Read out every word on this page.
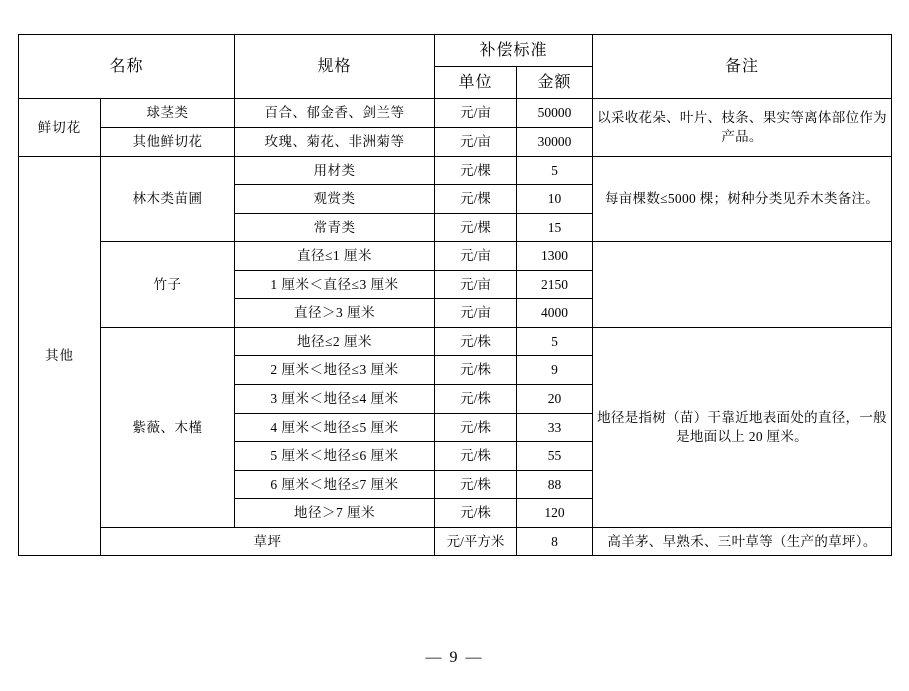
名称		规格	补偿标准		备注
			单位	金额	
鲜切花	球茎类	百合、郁金香、剑兰等	元/亩	50000	以采收花朵、叶片、枝条、果实等离体部位作为产品。
	其他鲜切花	玫瑰、菊花、非洲菊等	元/亩	30000	
其他	林木类苗圃	用材类	元/棵	5	每亩棵数≤5000 棵；树种分类见乔木类备注。
		观赏类	元/棵	10	
		常青类	元/棵	15	
	竹子	直径≤1 厘米	元/亩	1300	
		1 厘米＜直径≤3 厘米	元/亩	2150	
		直径＞3 厘米	元/亩	4000	
	紫薇、木槿	地径≤2 厘米	元/株	5	地径是指树（苗）干靠近地表面处的直径，一般是地面以上 20 厘米。
		2 厘米＜地径≤3 厘米	元/株	9	
		3 厘米＜地径≤4 厘米	元/株	20	
		4 厘米＜地径≤5 厘米	元/株	33	
		5 厘米＜地径≤6 厘米	元/株	55	
		6 厘米＜地径≤7 厘米	元/株	88	
		地径＞7 厘米	元/株	120	
	草坪		元/平方米	8	高羊茅、早熟禾、三叶草等（生产的草坪）。
— 9 —
